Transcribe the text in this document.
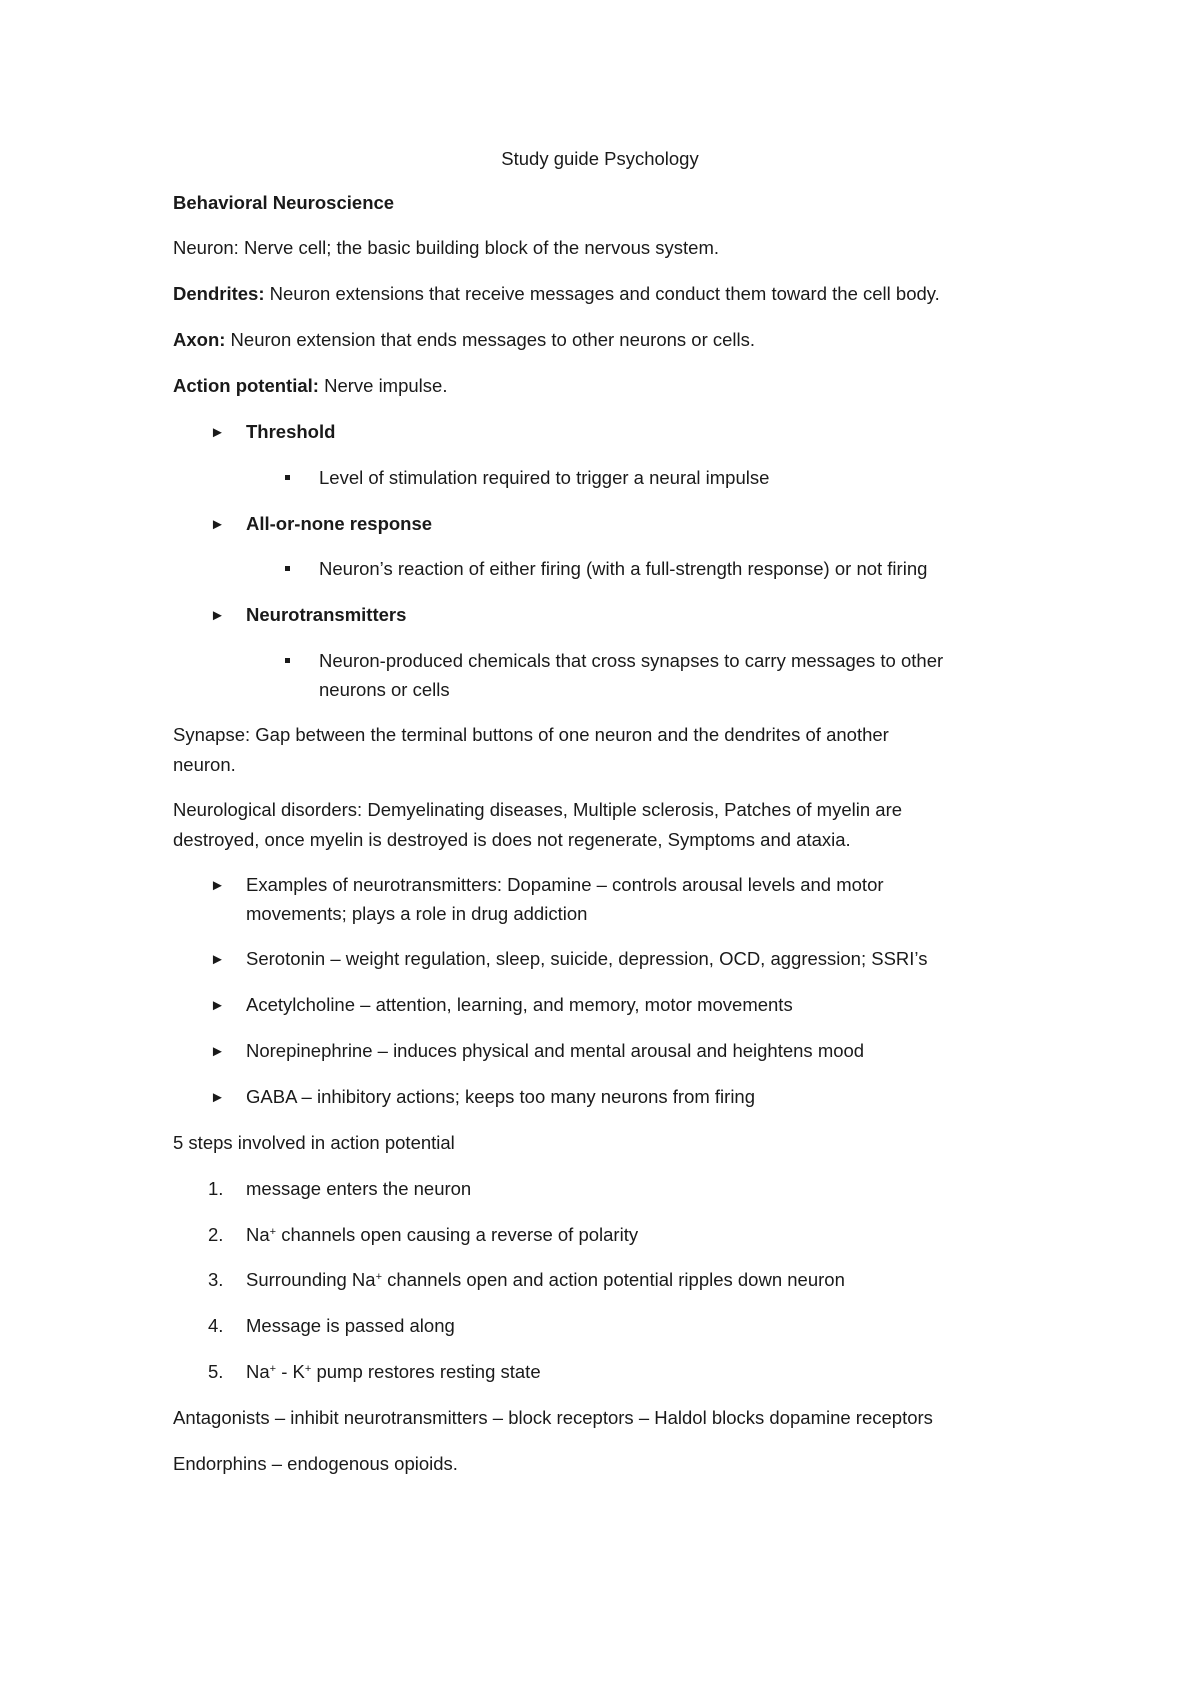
Study guide Psychology
Behavioral Neuroscience
Neuron: Nerve cell; the basic building block of the nervous system.
Dendrites: Neuron extensions that receive messages and conduct them toward the cell body.
Axon: Neuron extension that ends messages to other neurons or cells.
Action potential: Nerve impulse.
► Threshold
Level of stimulation required to trigger a neural impulse
► All-or-none response
Neuron’s reaction of either firing (with a full-strength response) or not firing
► Neurotransmitters
Neuron-produced chemicals that cross synapses to carry messages to other
neurons or cells
Synapse: Gap between the terminal buttons of one neuron and the dendrites of another
neuron.
Neurological disorders: Demyelinating diseases, Multiple sclerosis, Patches of myelin are
destroyed, once myelin is destroyed is does not regenerate, Symptoms and ataxia.
► Examples of neurotransmitters: Dopamine – controls arousal levels and motor
movements; plays a role in drug addiction
► Serotonin – weight regulation, sleep, suicide, depression, OCD, aggression; SSRI’s
► Acetylcholine – attention, learning, and memory, motor movements
► Norepinephrine – induces physical and mental arousal and heightens mood
► GABA – inhibitory actions; keeps too many neurons from firing
5 steps involved in action potential
1.	message enters the neuron
2.	Na+ channels open causing a reverse of polarity
3.	Surrounding Na+ channels open and action potential ripples down neuron
4.	Message is passed along
5.	Na+ - K+ pump restores resting state
Antagonists – inhibit neurotransmitters – block receptors – Haldol blocks dopamine receptors
Endorphins – endogenous opioids.
